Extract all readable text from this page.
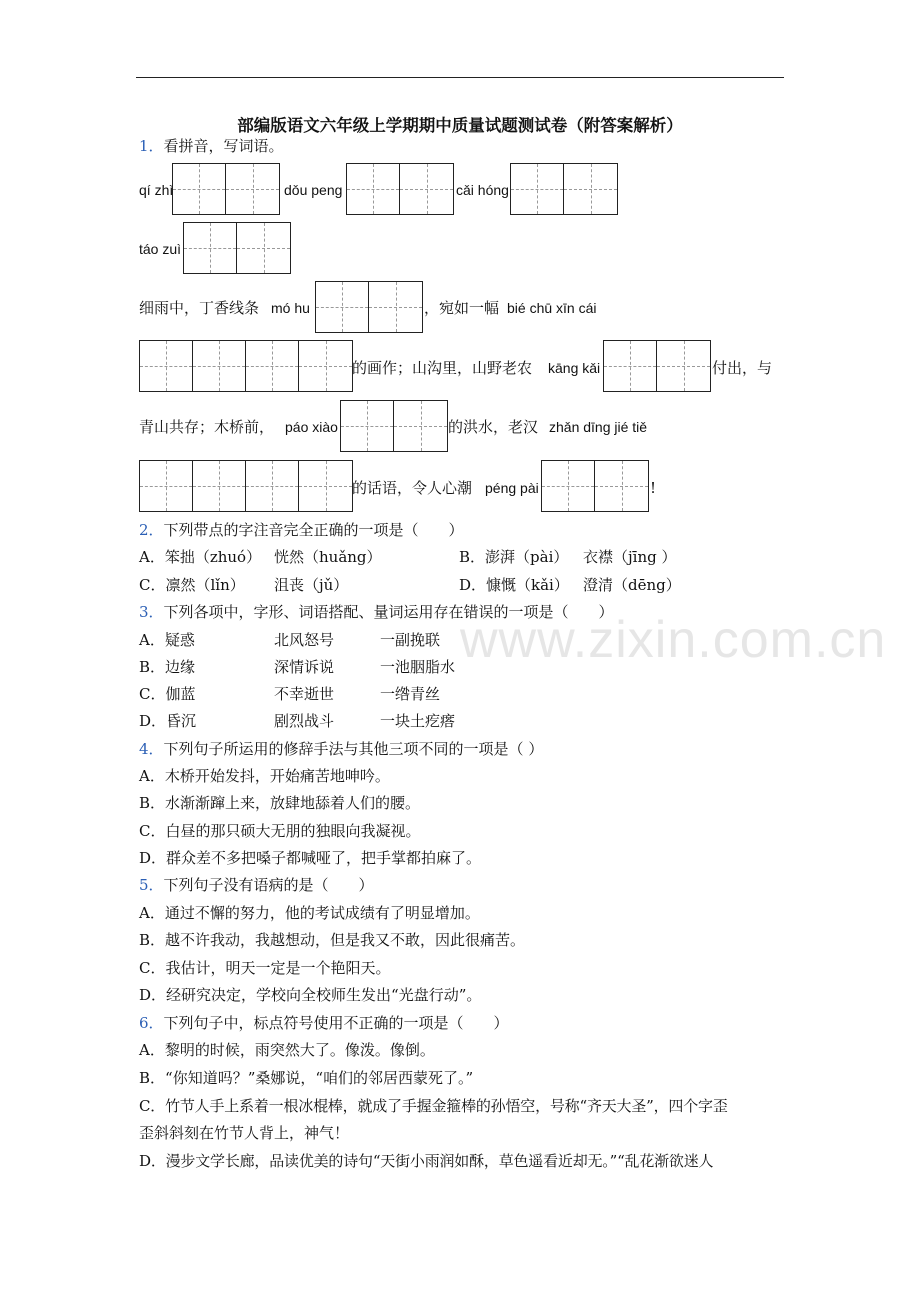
www.zixin.com.cn
部编版语文六年级上学期期中质量试题测试卷（附答案解析）
1．看拼音，写词语。
qí zhì	dǒu peng	cǎi hóng
táo zuì
细雨中，丁香线条 mó hu	，宛如一幅 bié chū xīn cái
的画作；山沟里，山野老农 kāng kǎi	付出，与
青山共存；木桥前， páo xiào	的洪水，老汉 zhǎn dīng jié tiě
的话语，令人心潮 péng pài	!
2．下列带点的字注音完全正确的一项是（　　）
A．笨拙（zhuó） 恍然（huǎng）	B．澎湃（pài） 衣襟（jīng ）
C．凛然（lǐn） 沮丧（jǔ）	D．慷慨（kǎi） 澄清（dēng）
3．下列各项中，字形、词语搭配、量词运用存在错误的一项是（　　）
A．疑惑	北风怒号	一副挽联
B．边缘	深情诉说	一池胭脂水
C．伽蓝	不幸逝世	一绺青丝
D．昏沉	剧烈战斗	一块土疙瘩
4．下列句子所运用的修辞手法与其他三项不同的一项是（ ）
A．木桥开始发抖，开始痛苦地呻吟。
B．水渐渐蹿上来，放肆地舔着人们的腰。
C．白昼的那只硕大无朋的独眼向我凝视。
D．群众差不多把嗓子都喊哑了，把手掌都拍麻了。
5．下列句子没有语病的是（　　）
A．通过不懈的努力，他的考试成绩有了明显增加。
B．越不许我动，我越想动，但是我又不敢，因此很痛苦。
C．我估计，明天一定是一个艳阳天。
D．经研究决定，学校向全校师生发出“光盘行动”。
6．下列句子中，标点符号使用不正确的一项是（　　）
A．黎明的时候，雨突然大了。像泼。像倒。
B．“你知道吗？”桑娜说，“咱们的邻居西蒙死了。”
C．竹节人手上系着一根冰棍棒，就成了手握金箍棒的孙悟空，号称“齐天大圣”，四个字歪
歪斜斜刻在竹节人背上，神气！
D．漫步文学长廊，品读优美的诗句“天街小雨润如酥，草色遥看近却无。”“乱花渐欲迷人
